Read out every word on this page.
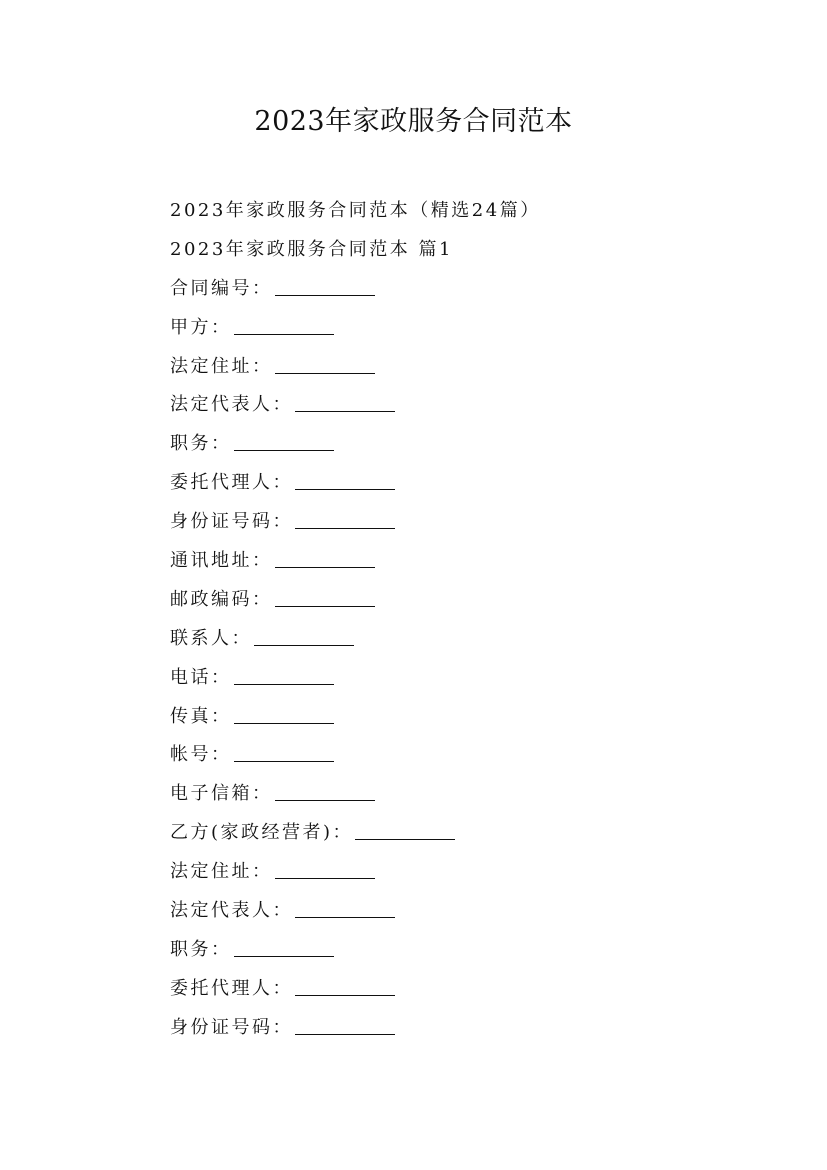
2023年家政服务合同范本
2023年家政服务合同范本（精选24篇）
2023年家政服务合同范本 篇1
合同编号：
甲方：
法定住址：
法定代表人：
职务：
委托代理人：
身份证号码：
通讯地址：
邮政编码：
联系人：
电话：
传真：
帐号：
电子信箱：
乙方(家政经营者)：
法定住址：
法定代表人：
职务：
委托代理人：
身份证号码：
